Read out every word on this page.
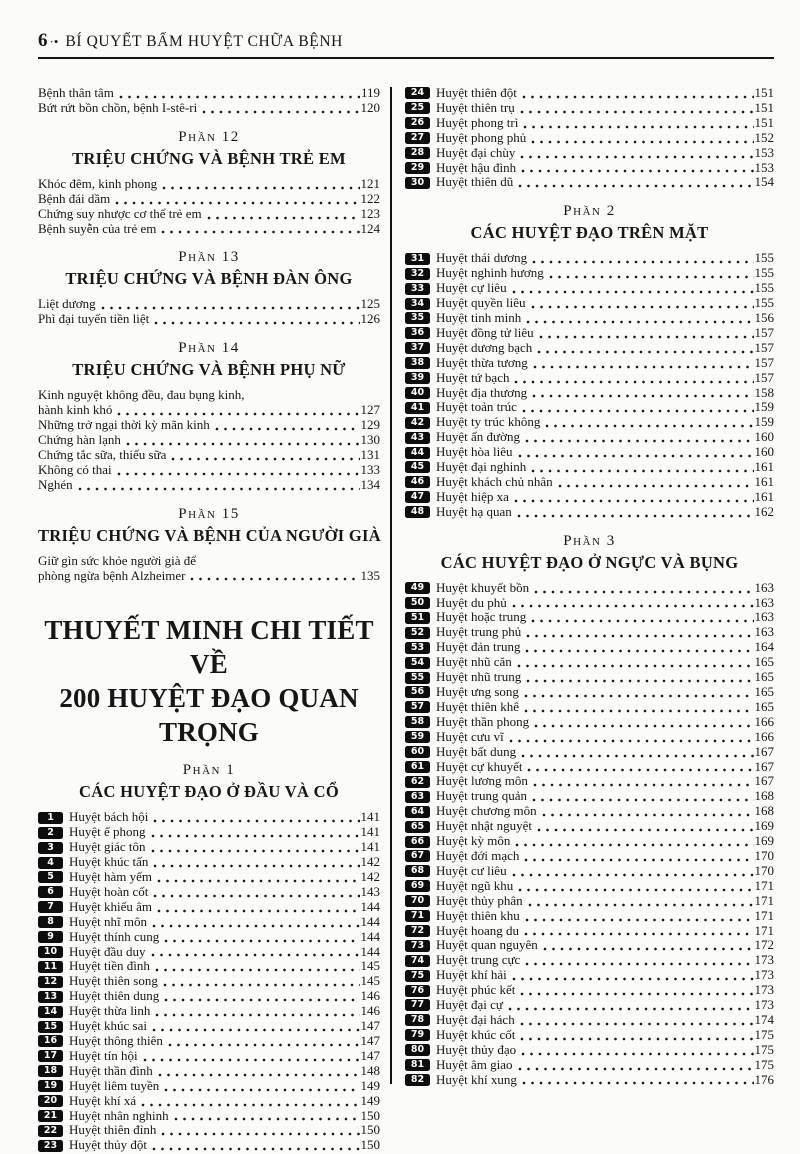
6 ·• BÍ QUYẾT BẤM HUYỆT CHỮA BỆNH
Bệnh thân tâm	119
Bứt rứt bồn chồn, bệnh I-stê-ri	120
Phần 12
TRIỆU CHỨNG VÀ BỆNH TRẺ EM
Khóc đêm, kinh phong	121
Bệnh đái dầm	122
Chứng suy nhược cơ thể trẻ em	123
Bệnh suyễn của trẻ em	124
Phần 13
TRIỆU CHỨNG VÀ BỆNH ĐÀN ÔNG
Liệt dương	125
Phì đại tuyến tiền liệt	126
Phần 14
TRIỆU CHỨNG VÀ BỆNH PHỤ NỮ
Kinh nguyệt không đều, đau bụng kinh,
hành kinh khó	127
Những trở ngại thời kỳ mãn kinh	129
Chứng hàn lạnh	130
Chứng tắc sữa, thiếu sữa	131
Không có thai	133
Nghén	134
Phần 15
TRIỆU CHỨNG VÀ BỆNH CỦA NGƯỜI GIÀ
Giữ gìn sức khỏe người già để
phòng ngừa bệnh Alzheimer	135
THUYẾT MINH CHI TIẾT VỀ
200 HUYỆT ĐẠO QUAN TRỌNG
Phần 1
CÁC HUYỆT ĐẠO Ở ĐẦU VÀ CỔ
1	Huyệt bách hội	141
2	Huyệt ế phong	141
3	Huyệt giác tôn	141
4	Huyệt khúc tấn	142
5	Huyệt hàm yếm	142
6	Huyệt hoàn cốt	143
7	Huyệt khiếu âm	144
8	Huyệt nhĩ môn	144
9	Huyệt thính cung	144
10 Huyệt đầu duy	144
11 Huyệt tiền đình	145
12 Huyệt thiên song	145
13 Huyệt thiên dung	146
14 Huyệt thừa linh	146
15 Huyệt khúc sai	147
16 Huyệt thông thiên	147
17 Huyệt tín hội	147
18 Huyệt thần đình	148
19 Huyệt liêm tuyền	149
20 Huyệt khí xá	149
21 Huyệt nhân nghinh	150
22 Huyệt thiên đỉnh	150
23 Huyệt thủy đột	150
24 Huyệt thiên đột	151
25 Huyệt thiên trụ	151
26 Huyệt phong trì	151
27 Huyệt phong phủ	152
28 Huyệt đại chùy	153
29 Huyệt hậu đình	153
30 Huyệt thiên dũ	154
Phần 2
CÁC HUYỆT ĐẠO TRÊN MẶT
31 Huyệt thái dương	155
32 Huyệt nghinh hương	155
33 Huyệt cự liêu	155
34 Huyệt quyền liêu	155
35 Huyệt tinh minh	156
36 Huyệt đồng tử liêu	157
37 Huyệt dương bạch	157
38 Huyệt thừa tương	157
39 Huyệt tứ bạch	157
40 Huyệt địa thương	158
41 Huyệt toản trúc	159
42 Huyệt ty trúc không	159
43 Huyệt ấn đường	160
44 Huyệt hòa liêu	160
45 Huyệt đại nghinh	161
46 Huyệt khách chủ nhân	161
47 Huyệt hiệp xa	161
48 Huyệt hạ quan	162
Phần 3
CÁC HUYỆT ĐẠO Ở NGỰC VÀ BỤNG
49 Huyệt khuyết bồn	163
50 Huyệt du phủ	163
51 Huyệt hoặc trung	163
52 Huyệt trung phủ	163
53 Huyệt đản trung	164
54 Huyệt nhũ căn	165
55 Huyệt nhũ trung	165
56 Huyệt ưng song	165
57 Huyệt thiên khê	165
58 Huyệt thần phong	166
59 Huyệt cưu vĩ	166
60 Huyệt bất dung	167
61 Huyệt cự khuyết	167
62 Huyệt lương môn	167
63 Huyệt trung quản	168
64 Huyệt chương môn	168
65 Huyệt nhật nguyệt	169
66 Huyệt kỳ môn	169
67 Huyệt đới mạch	170
68 Huyệt cư liêu	170
69 Huyệt ngũ khu	171
70 Huyệt thủy phân	171
71 Huyệt thiên khu	171
72 Huyệt hoang du	171
73 Huyệt quan nguyên	172
74 Huyệt trung cực	173
75 Huyệt khí hải	173
76 Huyệt phúc kết	173
77 Huyệt đại cự	173
78 Huyệt đại hách	174
79 Huyệt khúc cốt	175
80 Huyệt thủy đạo	175
81 Huyệt âm giao	175
82 Huyệt khí xung	176
